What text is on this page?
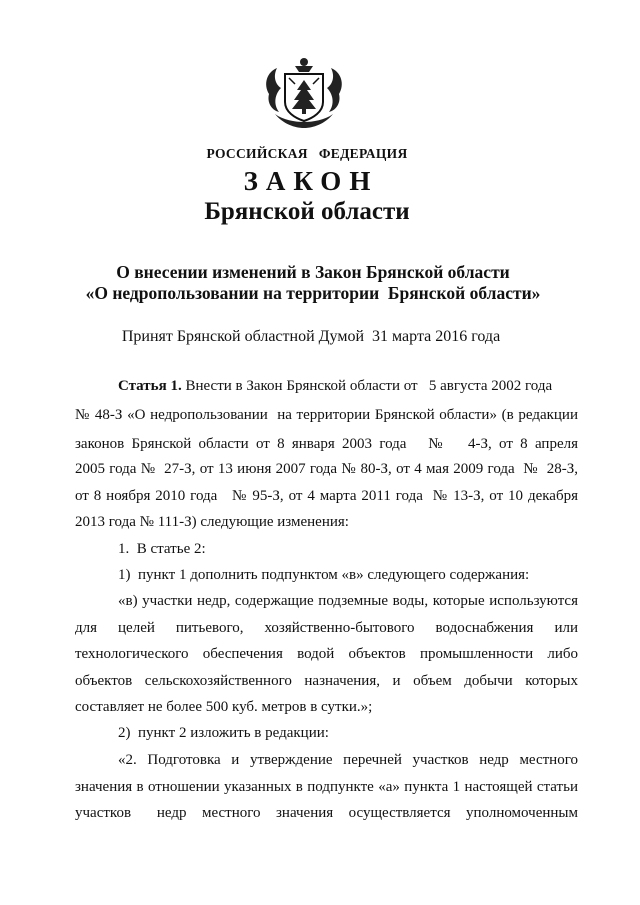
РОССИЙСКАЯ   ФЕДЕРАЦИЯ
ЗАКОН
Брянской области
О внесении изменений в Закон Брянской области
«О недропользовании на территории  Брянской области»
Принят Брянской областной Думой  31 марта 2016 года
Статья 1. Внести в Закон Брянской области от   5 августа 2002 года
№ 48-З «О недропользовании  на территории Брянской области» (в редакции
законов Брянской области от 8 января 2003 года   №   4-З, от 8 апреля
2005 года №  27-З, от 13 июня 2007 года № 80-З, от 4 мая 2009 года  №  28-З,
от 8 ноября 2010 года   № 95-З, от 4 марта 2011 года  № 13-З, от 10 декабря
2013 года № 111-З) следующие изменения:
1.  В статье 2:
1)  пункт 1 дополнить подпунктом «в» следующего содержания:
«в) участки недр, содержащие подземные воды, которые используются
для   целей   питьевого,   хозяйственно-бытового   водоснабжения   или
технологического обеспечения водой объектов промышленности либо
объектов сельскохозяйственного назначения, и объем добычи которых
составляет не более 500 куб. метров в сутки.»;
2)  пункт 2 изложить в редакции:
«2. Подготовка и утверждение перечней участков недр местного
значения в отношении указанных в подпункте «а» пункта 1 настоящей статьи
участков     недр   местного   значения   осуществляется   уполномоченным
